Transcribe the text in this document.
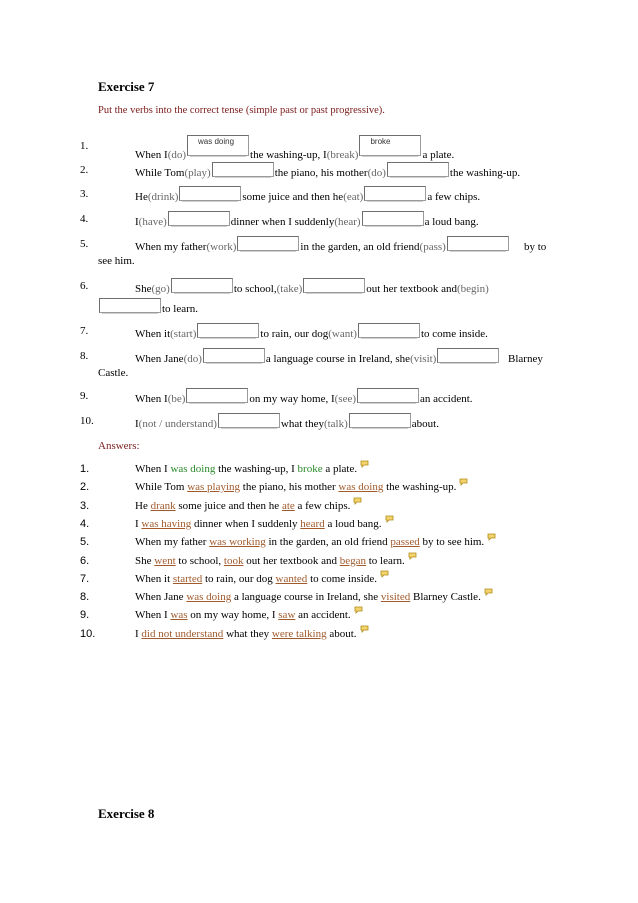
Exercise 7
Put the verbs into the correct tense (simple past or past progressive).
1.
When I (do)
was doing
the washing-up, I (break)
broke
a plate.
2.	While Tom (play)	the piano, his mother (do)	the washing-up.
3.	He (drink)	some juice and then he (eat)	a few chips.
4.	I (have)	dinner when I suddenly (hear)	a loud bang.
5.	When my father (work)	in the garden, an old friend (pass)	by to
see him.
6.	She (go)	to school, (take)	out her textbook and (begin)
to learn.
7.	When it (start)	to rain, our dog (want)	to come inside.
8.	When Jane (do)	a language course in Ireland, she (visit)	Blarney
Castle.
9.	When I (be)	on my way home, I (see)	an accident.
10.	I (not / understand)	what they (talk)	about.
Answers:
1.	When I was doing the washing-up, I broke a plate.
2.	While Tom was playing the piano, his mother was doing the washing-up.
3.	He drank some juice and then he ate a few chips.
4.	I was having dinner when I suddenly heard a loud bang.
5.	When my father was working in the garden, an old friend passed by to see him.
6.	She went to school, took out her textbook and began to learn.
7.	When it started to rain, our dog wanted to come inside.
8.	When Jane was doing a language course in Ireland, she visited Blarney Castle.
9.	When I was on my way home, I saw an accident.
10.	I did not understand what they were talking about.
Exercise 8
